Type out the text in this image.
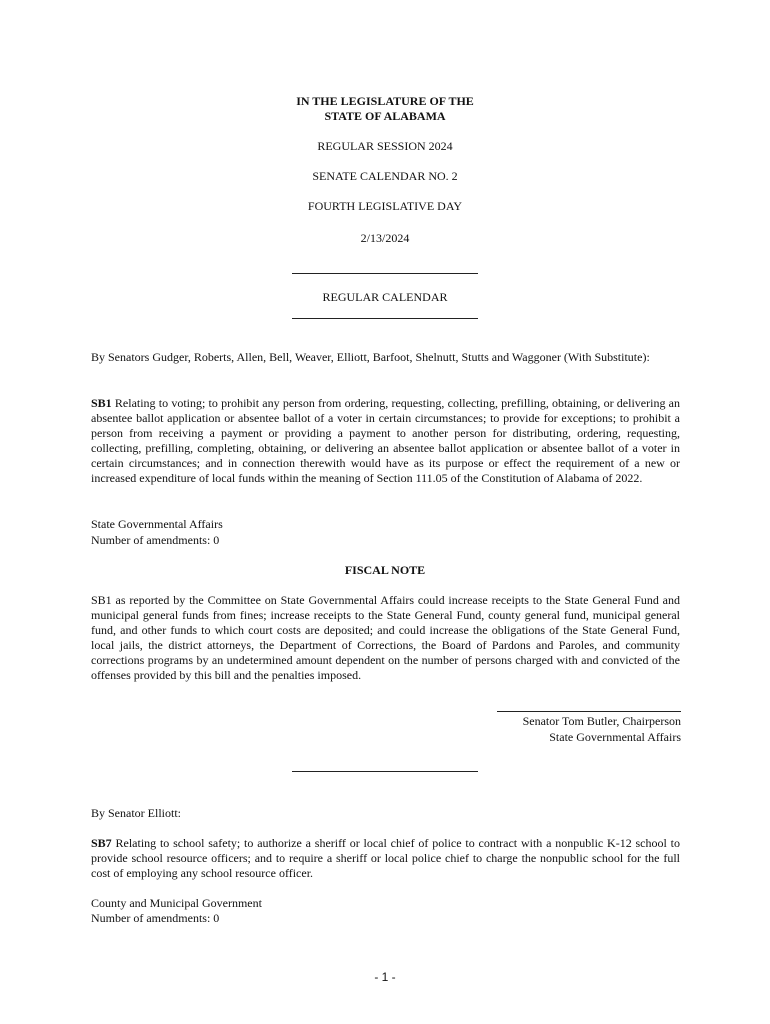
IN THE LEGISLATURE OF THE
STATE OF ALABAMA
REGULAR SESSION 2024
SENATE CALENDAR NO. 2
FOURTH LEGISLATIVE DAY
2/13/2024
REGULAR CALENDAR

By Senators Gudger, Roberts, Allen, Bell, Weaver, Elliott, Barfoot, Shelnutt, Stutts and Waggoner (With Substitute):

SB1 Relating to voting; to prohibit any person from ordering, requesting, collecting, prefilling, obtaining, or delivering an absentee ballot application or absentee ballot of a voter in certain circumstances; to provide for exceptions; to prohibit a person from receiving a payment or providing a payment to another person for distributing, ordering, requesting, collecting, prefilling, completing, obtaining, or delivering an absentee ballot application or absentee ballot of a voter in certain circumstances; and in connection therewith would have as its purpose or effect the requirement of a new or increased expenditure of local funds within the meaning of Section 111.05 of the Constitution of Alabama of 2022.

State Governmental Affairs
Number of amendments: 0
FISCAL NOTE

SB1 as reported by the Committee on State Governmental Affairs could increase receipts to the State General Fund and municipal general funds from fines; increase receipts to the State General Fund, county general fund, municipal general fund, and other funds to which court costs are deposited; and could increase the obligations of the State General Fund, local jails, the district attorneys, the Department of Corrections, the Board of Pardons and Paroles, and community corrections programs by an undetermined amount dependent on the number of persons charged with and convicted of the offenses provided by this bill and the penalties imposed.

Senator Tom Butler, Chairperson
State Governmental Affairs
By Senator Elliott:

SB7 Relating to school safety; to authorize a sheriff or local chief of police to contract with a nonpublic K-12 school to provide school resource officers; and to require a sheriff or local police chief to charge the nonpublic school for the full cost of employing any school resource officer.

County and Municipal Government
Number of amendments: 0
- 1 -
